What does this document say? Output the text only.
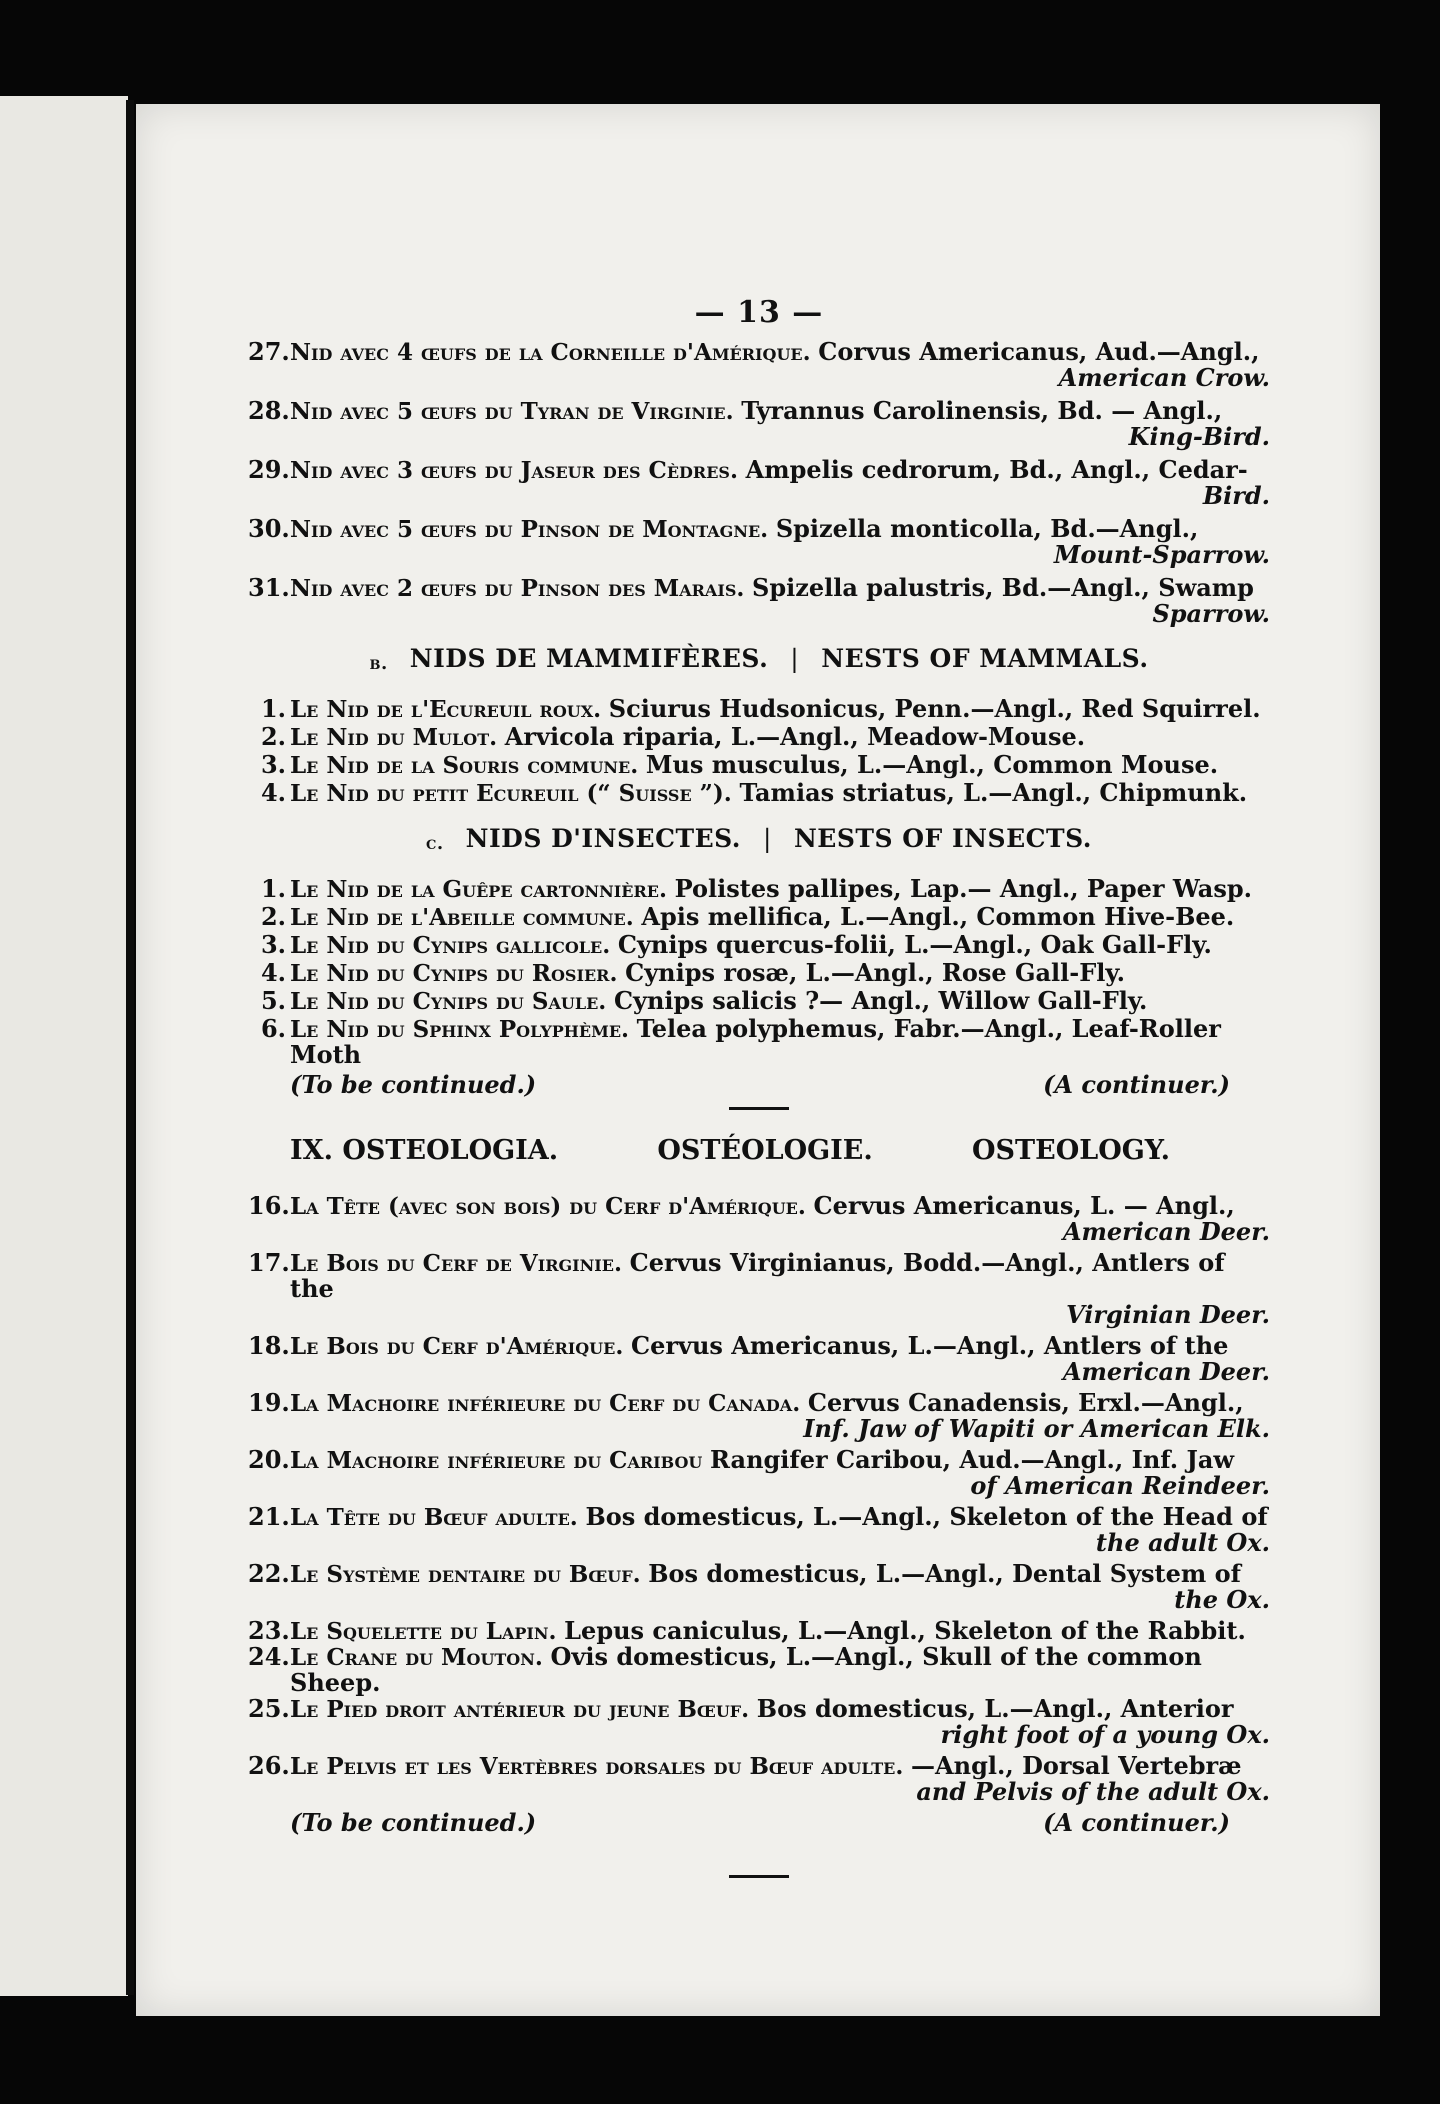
— 13 —
27. Nid avec 4 œufs de la Corneille d'Amérique. Corvus Americanus, Aud.—Angl.,
American Crow.
28. Nid avec 5 œufs du Tyran de Virginie. Tyrannus Carolinensis, Bd. — Angl.,
King-Bird.
29. Nid avec 3 œufs du Jaseur des Cèdres. Ampelis cedrorum, Bd., Angl., Cedar-
Bird.
30. Nid avec 5 œufs du Pinson de Montagne. Spizella monticolla, Bd.—Angl.,
Mount-Sparrow.
31. Nid avec 2 œufs du Pinson des Marais. Spizella palustris, Bd.—Angl., Swamp
Sparrow.
b. NIDS DE MAMMIFÈRES. | NESTS OF MAMMALS.
1. Le Nid de l'Ecureuil roux. Sciurus Hudsonicus, Penn.—Angl., Red Squirrel.
2. Le Nid du Mulot. Arvicola riparia, L.—Angl., Meadow-Mouse.
3. Le Nid de la Souris commune. Mus musculus, L.—Angl., Common Mouse.
4. Le Nid du petit Ecureuil (“ Suisse ”). Tamias striatus, L.—Angl., Chipmunk.
c. NIDS D'INSECTES. | NESTS OF INSECTS.
1. Le Nid de la Guêpe cartonnière. Polistes pallipes, Lap.— Angl., Paper Wasp.
2. Le Nid de l'Abeille commune. Apis mellifica, L.—Angl., Common Hive-Bee.
3. Le Nid du Cynips gallicole. Cynips quercus-folii, L.—Angl., Oak Gall-Fly.
4. Le Nid du Cynips du Rosier. Cynips rosæ, L.—Angl., Rose Gall-Fly.
5. Le Nid du Cynips du Saule. Cynips salicis ?— Angl., Willow Gall-Fly.
6. Le Nid du Sphinx Polyphème. Telea polyphemus, Fabr.—Angl., Leaf-Roller Moth
(To be continued.)	(A continuer.)
IX. OSTEOLOGIA.	OSTÉOLOGIE.	OSTEOLOGY.
16. La Tête (avec son bois) du Cerf d'Amérique. Cervus Americanus, L. — Angl.,
American Deer.
17. Le Bois du Cerf de Virginie. Cervus Virginianus, Bodd.—Angl., Antlers of the
Virginian Deer.
18. Le Bois du Cerf d'Amérique. Cervus Americanus, L.—Angl., Antlers of the
American Deer.
19. La Machoire inférieure du Cerf du Canada. Cervus Canadensis, Erxl.—Angl.,
Inf. Jaw of Wapiti or American Elk.
20. La Machoire inférieure du Caribou Rangifer Caribou, Aud.—Angl., Inf. Jaw
of American Reindeer.
21. La Tête du Bœuf adulte. Bos domesticus, L.—Angl., Skeleton of the Head of
the adult Ox.
22. Le Système dentaire du Bœuf. Bos domesticus, L.—Angl., Dental System of
the Ox.
23. Le Squelette du Lapin. Lepus caniculus, L.—Angl., Skeleton of the Rabbit.
24. Le Crane du Mouton. Ovis domesticus, L.—Angl., Skull of the common Sheep.
25. Le Pied droit antérieur du jeune Bœuf. Bos domesticus, L.—Angl., Anterior
right foot of a young Ox.
26. Le Pelvis et les Vertèbres dorsales du Bœuf adulte. —Angl., Dorsal Vertebræ
and Pelvis of the adult Ox.
(To be continued.)	(A continuer.)
